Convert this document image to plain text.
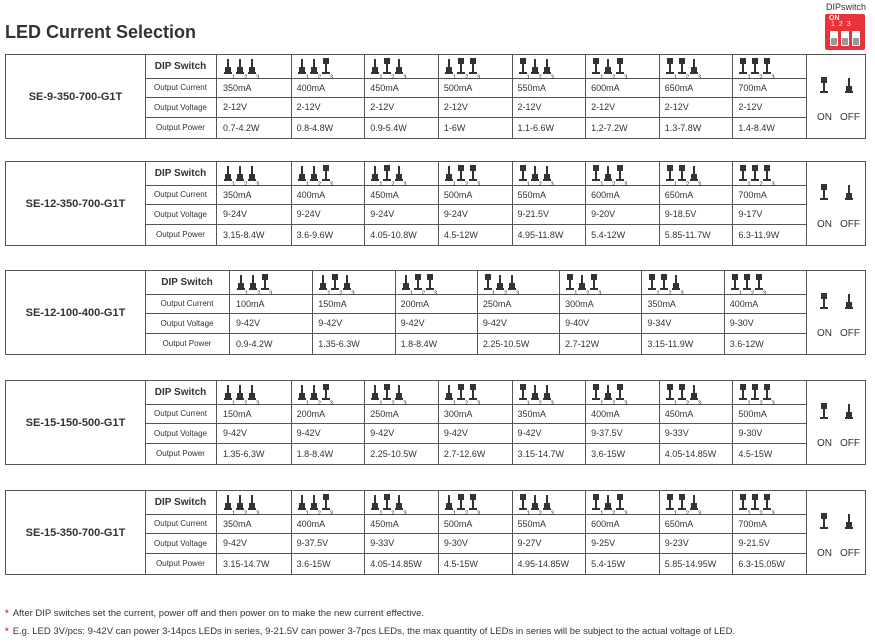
LED Current Selection
DIPswitch
ON
123
SE-9-350-700-G1T
DIP Switch
Output Current
Output Voltage
Output Power
1 2 3
350mA
2-12V
0.7-4.2W
1 2 3
400mA
2-12V
0.8-4.8W
1 2 3
450mA
2-12V
0.9-5.4W
1 2 3
500mA
2-12V
1-6W
1 2 3
550mA
2-12V
1.1-6.6W
1 2 3
600mA
2-12V
1.2-7.2W
1 2 3
650mA
2-12V
1.3-7.8W
1 2 3
700mA
2-12V
1.4-8.4W
ON OFF
SE-12-350-700-G1T
DIP Switch
Output Current
Output Voltage
Output Power
1 2 3
350mA
9-24V
3.15-8.4W
1 2 3
400mA
9-24V
3.6-9.6W
1 2 3
450mA
9-24V
4.05-10.8W
1 2 3
500mA
9-24V
4.5-12W
1 2 3
550mA
9-21.5V
4.95-11.8W
1 2 3
600mA
9-20V
5.4-12W
1 2 3
650mA
9-18.5V
5.85-11.7W
1 2 3
700mA
9-17V
6.3-11.9W
ON OFF
SE-12-100-400-G1T
DIP Switch
Output Current
Output Voltage
Output Power
1 2 3
100mA
9-42V
0.9-4.2W
1 2 3
150mA
9-42V
1.35-6.3W
1 2 3
200mA
9-42V
1.8-8.4W
1 2 3
250mA
9-42V
2.25-10.5W
1 2 3
300mA
9-40V
2.7-12W
1 2 3
350mA
9-34V
3.15-11.9W
1 2 3
400mA
9-30V
3.6-12W
ON OFF
SE-15-150-500-G1T
DIP Switch
Output Current
Output Voltage
Output Power
1 2 3
150mA
9-42V
1.35-6.3W
1 2 3
200mA
9-42V
1.8-8.4W
1 2 3
250mA
9-42V
2.25-10.5W
1 2 3
300mA
9-42V
2.7-12.6W
1 2 3
350mA
9-42V
3.15-14.7W
1 2 3
400mA
9-37.5V
3.6-15W
1 2 3
450mA
9-33V
4.05-14.85W
1 2 3
500mA
9-30V
4.5-15W
ON OFF
SE-15-350-700-G1T
DIP Switch
Output Current
Output Voltage
Output Power
1 2 3
350mA
9-42V
3.15-14.7W
1 2 3
400mA
9-37.5V
3.6-15W
1 2 3
450mA
9-33V
4.05-14.85W
1 2 3
500mA
9-30V
4.5-15W
1 2 3
550mA
9-27V
4.95-14.85W
1 2 3
600mA
9-25V
5.4-15W
1 2 3
650mA
9-23V
5.85-14.95W
1 2 3
700mA
9-21.5V
6.3-15.05W
ON OFF
* After DIP switches set the current, power off and then power on to make the new current effective.
* E.g. LED 3V/pcs: 9-42V can power 3-14pcs LEDs in series, 9-21.5V can power 3-7pcs LEDs, the max quantity of LEDs in series will be subject to the actual voltage of LED.
